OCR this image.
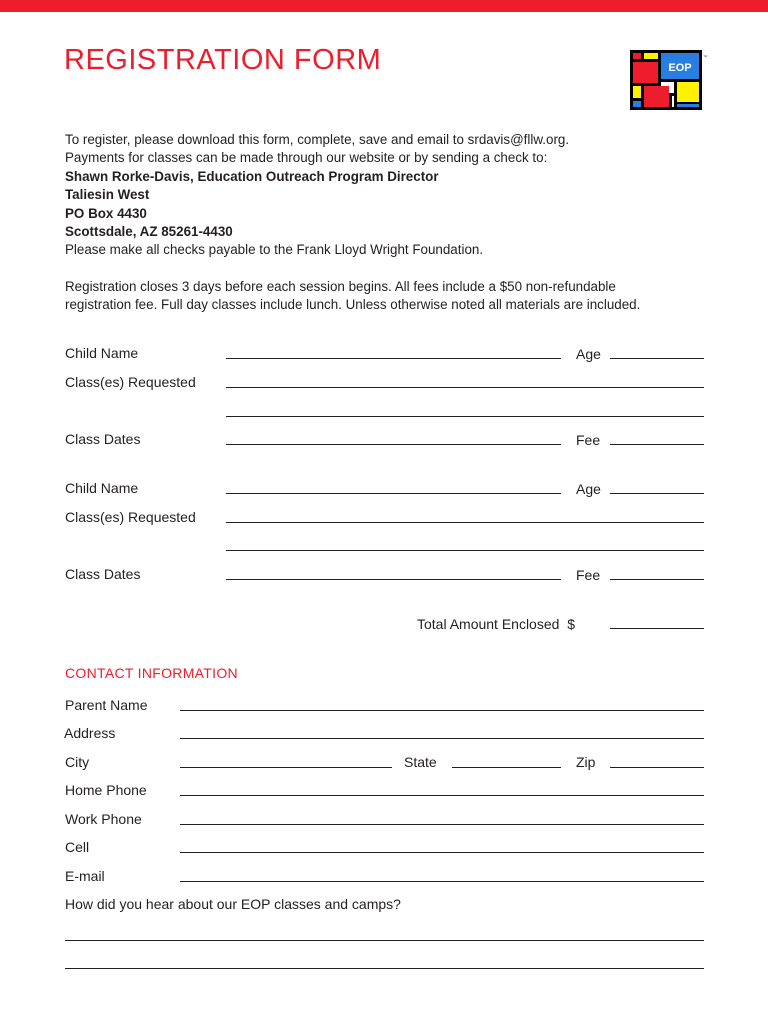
REGISTRATION FORM	EOP
™
To register, please download this form, complete, save and email to srdavis@fllw.org.
Payments for classes can be made through our website or by sending a check to:
Shawn Rorke-Davis, Education Outreach Program Director
Taliesin West
PO Box 4430
Scottsdale, AZ 85261-4430
Please make all checks payable to the Frank Lloyd Wright Foundation.
Registration closes 3 days before each session begins. All fees include a $50 non-refundable
registration fee. Full day classes include lunch. Unless otherwise noted all materials are included.
Child Name	Age
Class(es) Requested
Class Dates	Fee
Child Name	Age
Class(es) Requested
Class Dates	Fee
Total Amount Enclosed $
CONTACT INFORMATION
Parent Name
Address
City	State	Zip
Home Phone
Work Phone
Cell
E-mail
How did you hear about our EOP classes and camps?
